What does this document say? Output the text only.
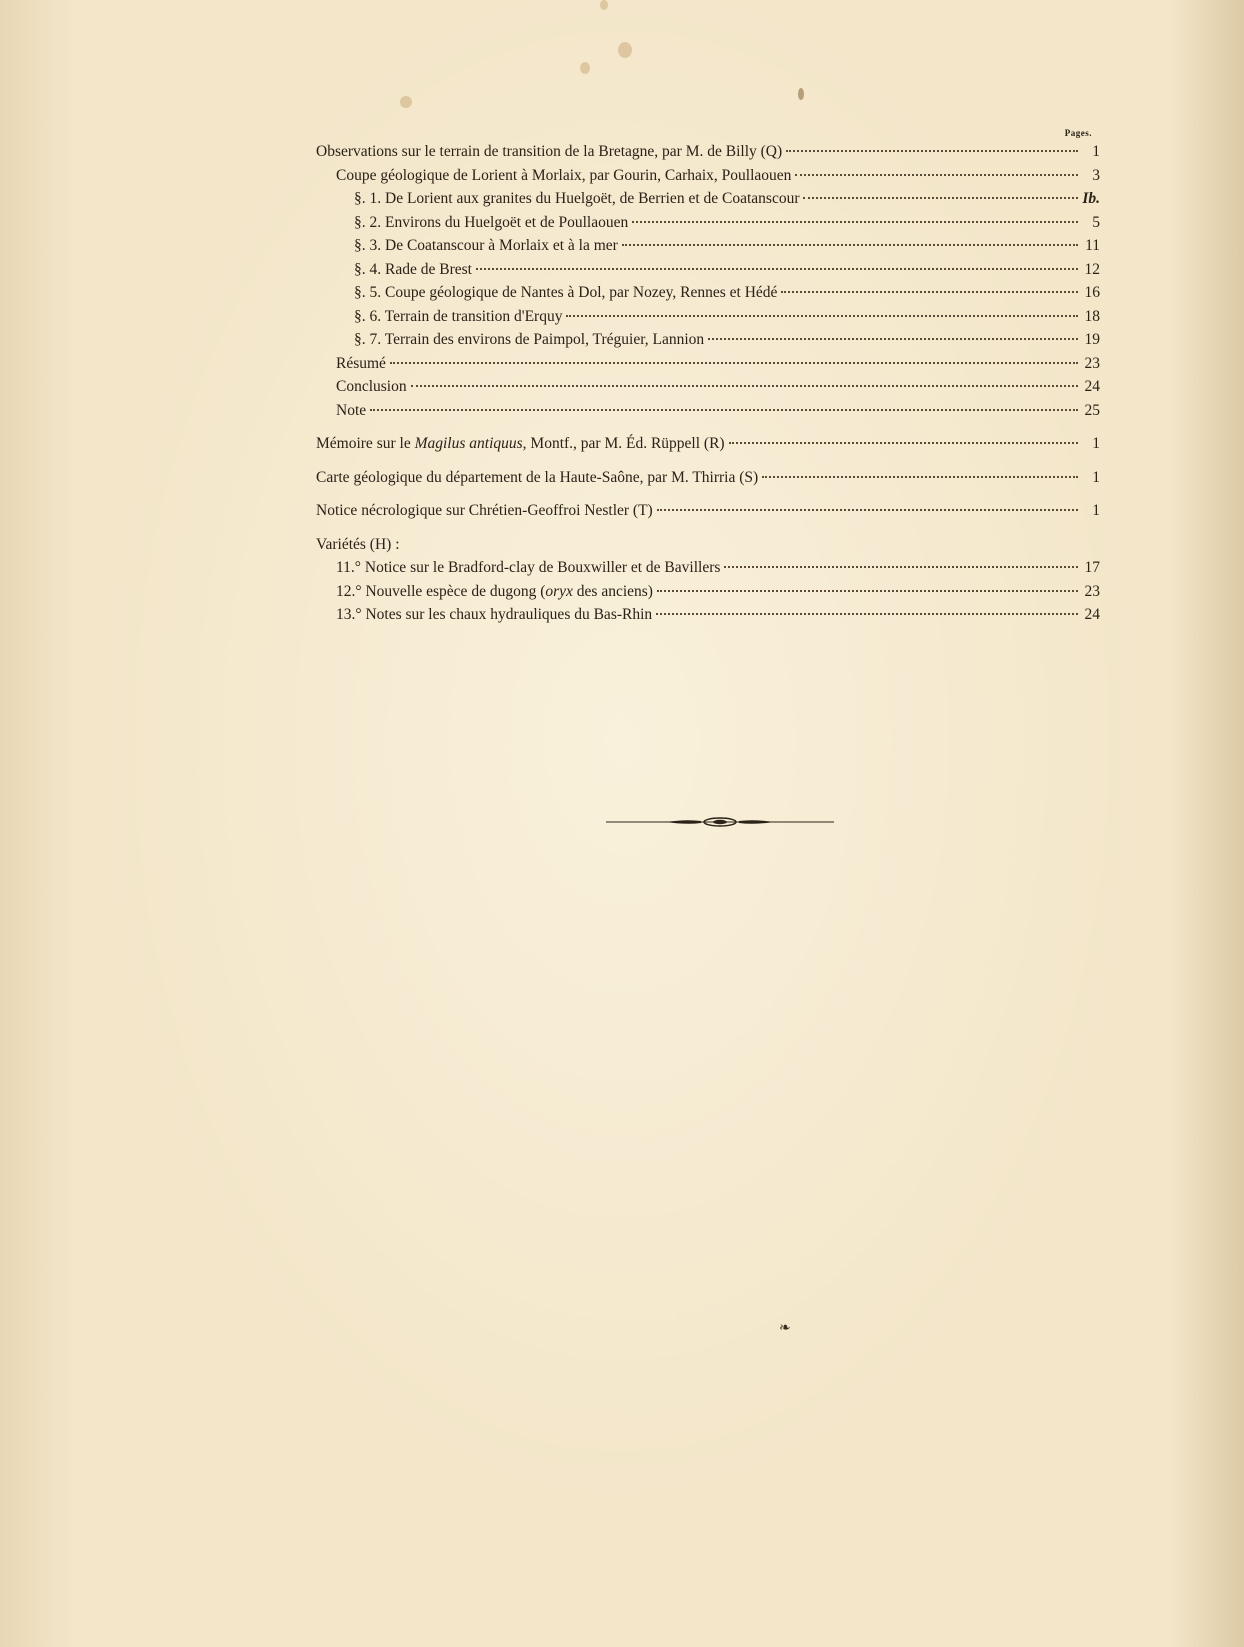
Pages.
Observations sur le terrain de transition de la Bretagne, par M. de Billy (Q)	1
Coupe géologique de Lorient à Morlaix, par Gourin, Carhaix, Poullaouen	3
§. 1. De Lorient aux granites du Huelgoët, de Berrien et de Coatanscour	Ib.
§. 2. Environs du Huelgoët et de Poullaouen	5
§. 3. De Coatanscour à Morlaix et à la mer	11
§. 4. Rade de Brest	12
§. 5. Coupe géologique de Nantes à Dol, par Nozey, Rennes et Hédé	16
§. 6. Terrain de transition d'Erquy	18
§. 7. Terrain des environs de Paimpol, Tréguier, Lannion	19
Résumé	23
Conclusion	24
Note	25
Mémoire sur le Magilus antiquus, Montf., par M. Éd. Rüppell (R)	1
Carte géologique du département de la Haute-Saône, par M. Thirria (S)	1
Notice nécrologique sur Chrétien-Geoffroi Nestler (T)	1
Variétés (H) :
11.° Notice sur le Bradford-clay de Bouxwiller et de Bavillers	17
12.° Nouvelle espèce de dugong (oryx des anciens)	23
13.° Notes sur les chaux hydrauliques du Bas-Rhin	24
❧
